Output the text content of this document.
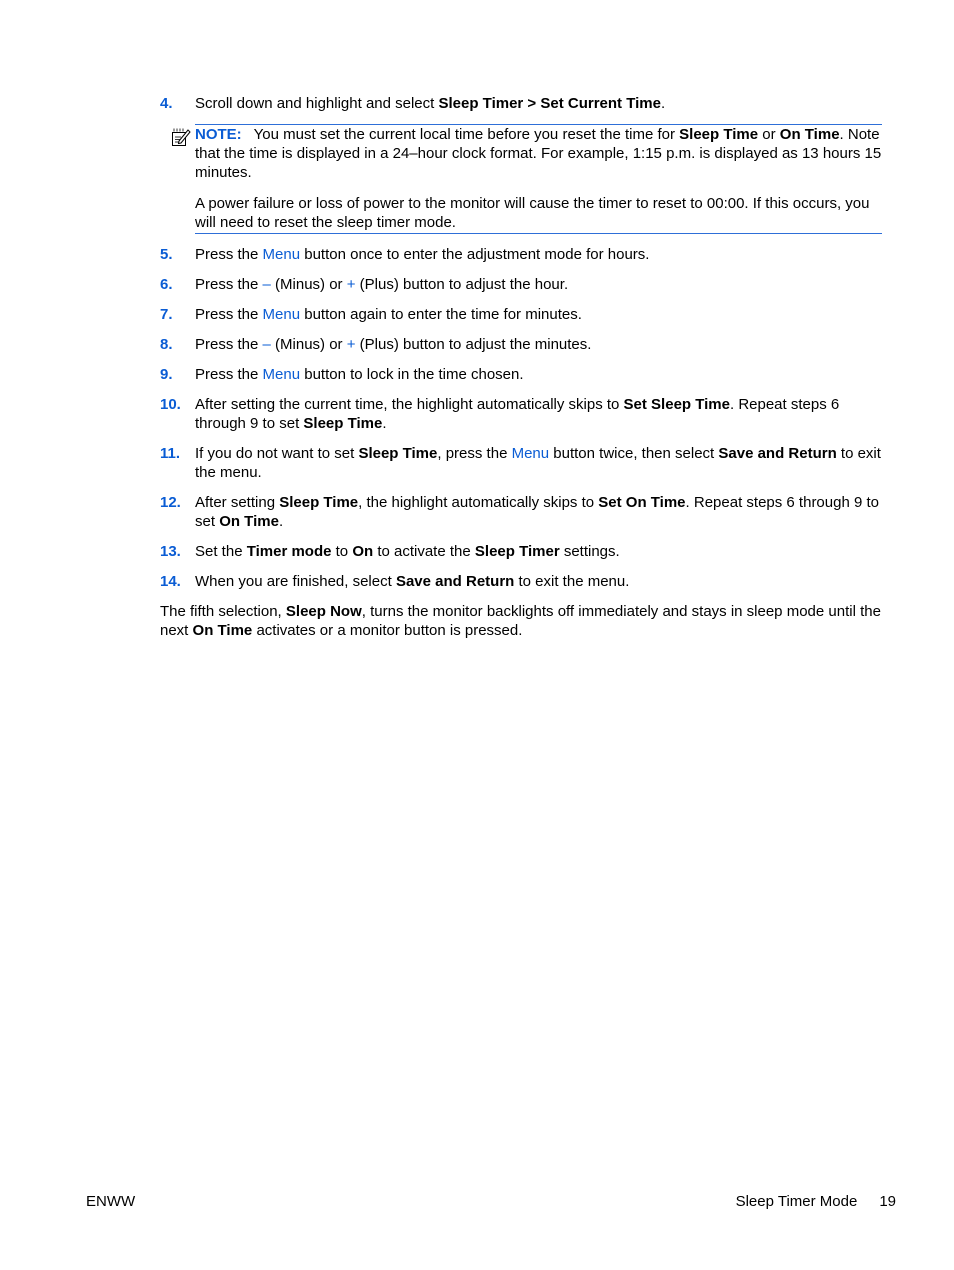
4. Scroll down and highlight and select Sleep Timer > Set Current Time.

NOTE: You must set the current local time before you reset the time for Sleep Time or On Time. Note that the time is displayed in a 24–hour clock format. For example, 1:15 p.m. is displayed as 13 hours 15 minutes.

A power failure or loss of power to the monitor will cause the timer to reset to 00:00. If this occurs, you will need to reset the sleep timer mode.

5. Press the Menu button once to enter the adjustment mode for hours.
6. Press the – (Minus) or + (Plus) button to adjust the hour.
7. Press the Menu button again to enter the time for minutes.
8. Press the – (Minus) or + (Plus) button to adjust the minutes.
9. Press the Menu button to lock in the time chosen.
10. After setting the current time, the highlight automatically skips to Set Sleep Time. Repeat steps 6 through 9 to set Sleep Time.
11. If you do not want to set Sleep Time, press the Menu button twice, then select Save and Return to exit the menu.
12. After setting Sleep Time, the highlight automatically skips to Set On Time. Repeat steps 6 through 9 to set On Time.
13. Set the Timer mode to On to activate the Sleep Timer settings.
14. When you are finished, select Save and Return to exit the menu.

The fifth selection, Sleep Now, turns the monitor backlights off immediately and stays in sleep mode until the next On Time activates or a monitor button is pressed.

ENWW	Sleep Timer Mode 19
